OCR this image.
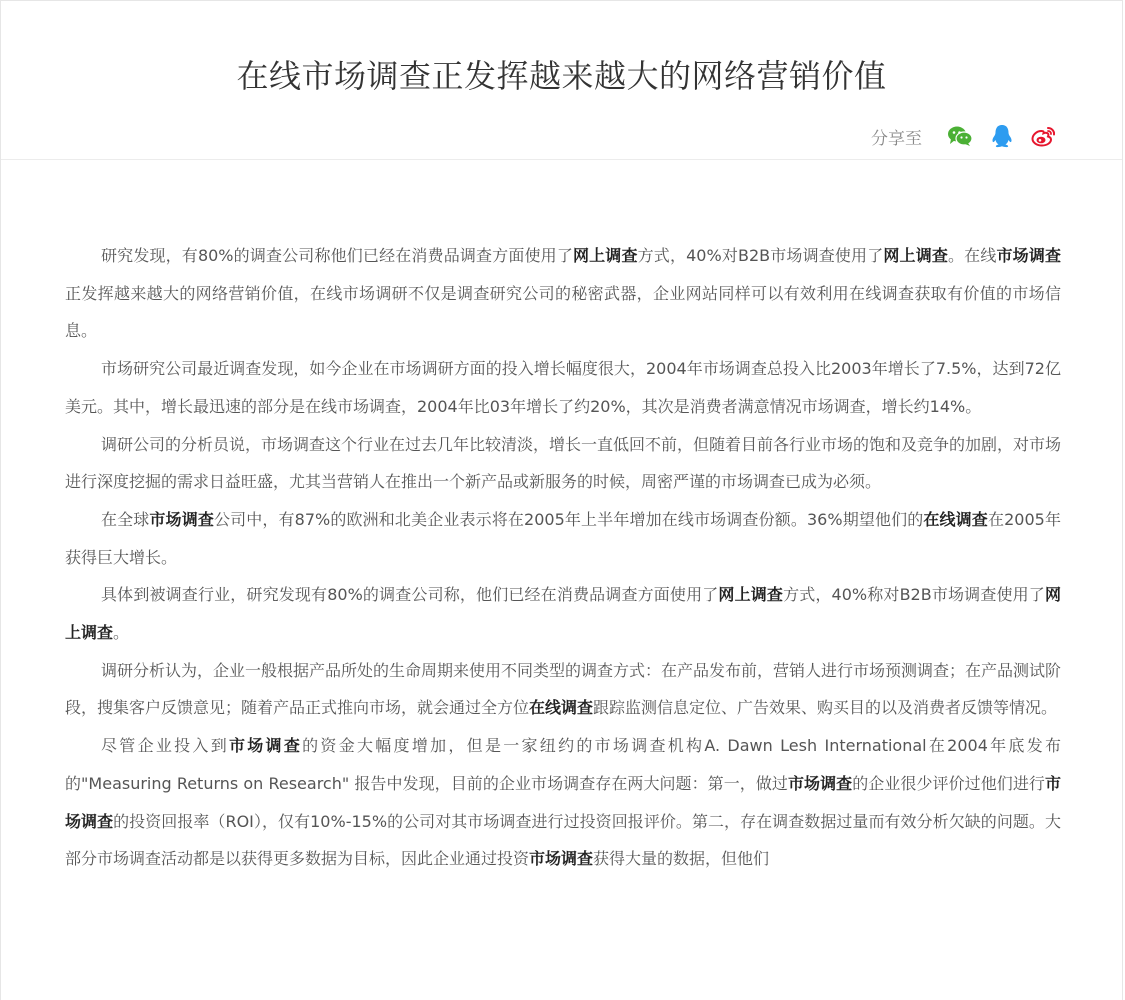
在线市场调查正发挥越来越大的网络营销价值
分享至

研究发现，有80%的调查公司称他们已经在消费品调查方面使用了网上调查方式，40%对B2B市场调查使用了网上调查。在线市场调查正发挥越来越大的网络营销价值，在线市场调研不仅是调查研究公司的秘密武器，企业网站同样可以有效利用在线调查获取有价值的市场信息。

市场研究公司最近调查发现，如今企业在市场调研方面的投入增长幅度很大，2004年市场调查总投入比2003年增长了7.5%，达到72亿美元。其中，增长最迅速的部分是在线市场调查，2004年比03年增长了约20%，其次是消费者满意情况市场调查，增长约14%。

调研公司的分析员说，市场调查这个行业在过去几年比较清淡，增长一直低回不前，但随着目前各行业市场的饱和及竞争的加剧，对市场进行深度挖掘的需求日益旺盛，尤其当营销人在推出一个新产品或新服务的时候，周密严谨的市场调查已成为必须。

在全球市场调查公司中，有87%的欧洲和北美企业表示将在2005年上半年增加在线市场调查份额。36%期望他们的在线调查在2005年获得巨大增长。

具体到被调查行业，研究发现有80%的调查公司称，他们已经在消费品调查方面使用了网上调查方式，40%称对B2B市场调查使用了网上调查。

调研分析认为，企业一般根据产品所处的生命周期来使用不同类型的调查方式：在产品发布前，营销人进行市场预测调查；在产品测试阶段，搜集客户反馈意见；随着产品正式推向市场，就会通过全方位在线调查跟踪监测信息定位、广告效果、购买目的以及消费者反馈等情况。

尽管企业投入到市场调查的资金大幅度增加，但是一家纽约的市场调查机构A. Dawn Lesh International在2004年底发布的"Measuring Returns on Research" 报告中发现，目前的企业市场调查存在两大问题：第一，做过市场调查的企业很少评价过他们进行市场调查的投资回报率（ROI），仅有10%-15%的公司对其市场调查进行过投资回报评价。第二，存在调查数据过量而有效分析欠缺的问题。大部分市场调查活动都是以获得更多数据为目标，因此企业通过投资市场调查获得大量的数据，但他们
